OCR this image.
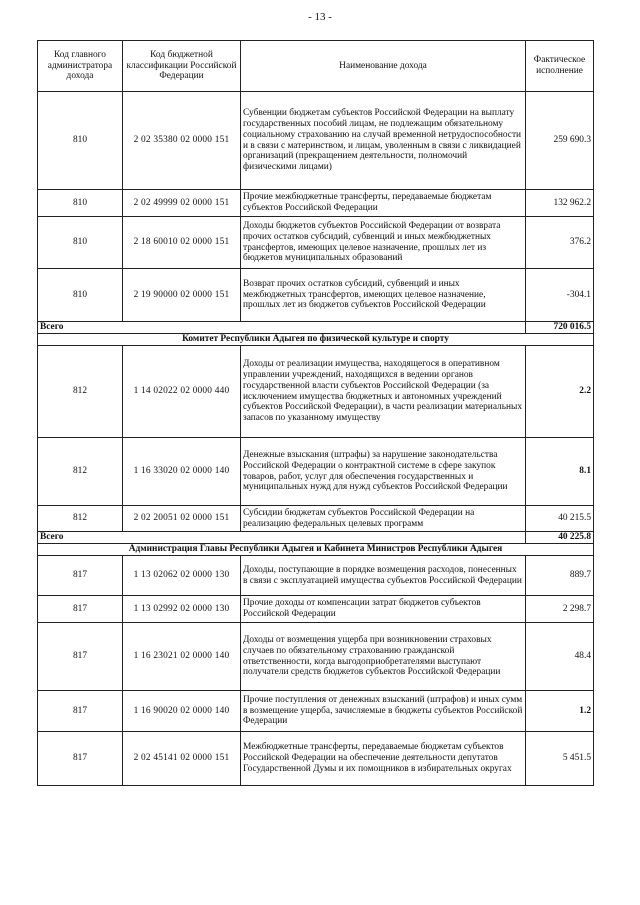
- 13 -
Код главного администратора дохода	Код бюджетной классификации Российской Федерации	Наименование дохода	Фактическое исполнение
810	2 02 35380 02 0000 151	Субвенции бюджетам субъектов Российской Федерации на выплату государственных пособий лицам, не подлежащим обязательному социальному страхованию на случай временной нетрудоспособности и в связи с материнством, и лицам, уволенным в связи с ликвидацией организаций (прекращением деятельности, полномочий физическими лицами)	259 690.3
810	2 02 49999 02 0000 151	Прочие межбюджетные трансферты, передаваемые бюджетам субъектов Российской Федерации	132 962.2
810	2 18 60010 02 0000 151	Доходы бюджетов субъектов Российской Федерации от возврата прочих остатков субсидий, субвенций и иных межбюджетных трансфертов, имеющих целевое назначение, прошлых лет из бюджетов муниципальных образований	376.2
810	2 19 90000 02 0000 151	Возврат прочих остатков субсидий, субвенций и иных межбюджетных трансфертов, имеющих целевое назначение, прошлых лет из бюджетов субъектов Российской Федерации	-304.1
Всего			720 016.5
Комитет Республики Адыгея по физической культуре и спорту			
812	1 14 02022 02 0000 440	Доходы от реализации имущества, находящегося в оперативном управлении учреждений, находящихся в ведении органов государственной власти субъектов Российской Федерации (за исключением имущества бюджетных и автономных учреждений субъектов Российской Федерации), в части реализации материальных запасов по указанному имуществу	2.2
812	1 16 33020 02 0000 140	Денежные взыскания (штрафы) за нарушение законодательства Российской Федерации о контрактной системе в сфере закупок товаров, работ, услуг для обеспечения государственных и муниципальных нужд для нужд субъектов Российской Федерации	8.1
812	2 02 20051 02 0000 151	Субсидии бюджетам субъектов Российской Федерации на реализацию федеральных целевых программ	40 215.5
Всего			40 225.8
Администрация Главы Республики Адыгея и Кабинета Министров Республики Адыгея			
817	1 13 02062 02 0000 130	Доходы, поступающие в порядке возмещения расходов, понесенных в связи с эксплуатацией имущества субъектов Российской Федерации	889.7
817	1 13 02992 02 0000 130	Прочие доходы от компенсации затрат бюджетов субъектов Российской Федерации	2 298.7
817	1 16 23021 02 0000 140	Доходы от возмещения ущерба при возникновении страховых случаев по обязательному страхованию гражданской ответственности, когда выгодоприобретателями выступают получатели средств бюджетов субъектов Российской Федерации	48.4
817	1 16 90020 02 0000 140	Прочие поступления от денежных взысканий (штрафов) и иных сумм в возмещение ущерба, зачисляемые в бюджеты субъектов Российской Федерации	1.2
817	2 02 45141 02 0000 151	Межбюджетные трансферты, передаваемые бюджетам субъектов Российской Федерации на обеспечение деятельности депутатов Государственной Думы и их помощников в избирательных округах	5 451.5
